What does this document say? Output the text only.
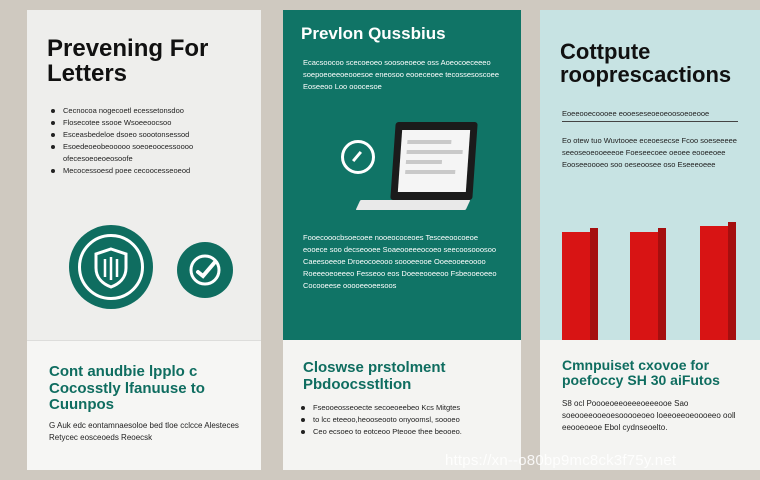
Prevening For Letters
Cecnocoa nogecoetl ecessetonsdoo
Flosecotee ssooe Wsoeeoocsoo
Esceasbedeloe dsoeo soootonsessod
Esoedeoeobeooooo soeoeoocessoooo ofecesoeoeoeosoofe
Mecocessoesd poee cecoocesseoeod
Cont anudbie lpplo c Cocosstly lfanuuse to Cuunpos

G Auk edc eontamnaesoloe bed tloe cclcce Alesteces Retycec eosceoeds Reoecsk

Prevlon Qussbius

Ecacsoocoo scecoeoeo soosoeoeoe oss Aoeocoeceeeo soepoeoeeoeooesoe eneosoo eooeceoee tecossesoscoee Eoseeoo Loo ooocesoe

Fooecooocbsoecoee nooeococeoes Tesceeoocoeoe eooece soo decseooee Soaeooeeeocoeo seecoosooosoo Caeesoeeoe Droeocoeooo soooeeooe Ooeeooeeoooo Roeeeoeoeeeo Fesseoo eos Doeeeooeeoo Fsbeooeoeeo Cocooeese ooooeeoeesoos

Closwse prstolment Pbdoocsstltion
Fseooeosseoecte secoeoeebeo Kcs Mitgtes
to lcc eteeoo,heooseooto onyoomsl, soooeo
Ceo ecsoeo to eotceoo Pteooe thee beooeo.
Cottpute rooprescactions

Eoeeooecoooee eooeseseoeoeoosoeoeooe

Eo otew tuo Wuvtooee eceoesecse Fcoo soeseeeee seeoseoeooeeeoe Foeseecoee oeoee eooeeoee Eooseeoooeo soo oeseoosee oso Eseeeoeee

Cmnpuiset cxovoe for poefoccy SH 30 aiFutos

S8 ocl Poooeoeeoeeeoeeeooe Sao soeooeeooeoesooooeoeo loeeoeeoeoooeeo ooll eeooeoeoe Ebol cydnseoelto.

https://xn--o80bp9mc8ck3f75y.net
